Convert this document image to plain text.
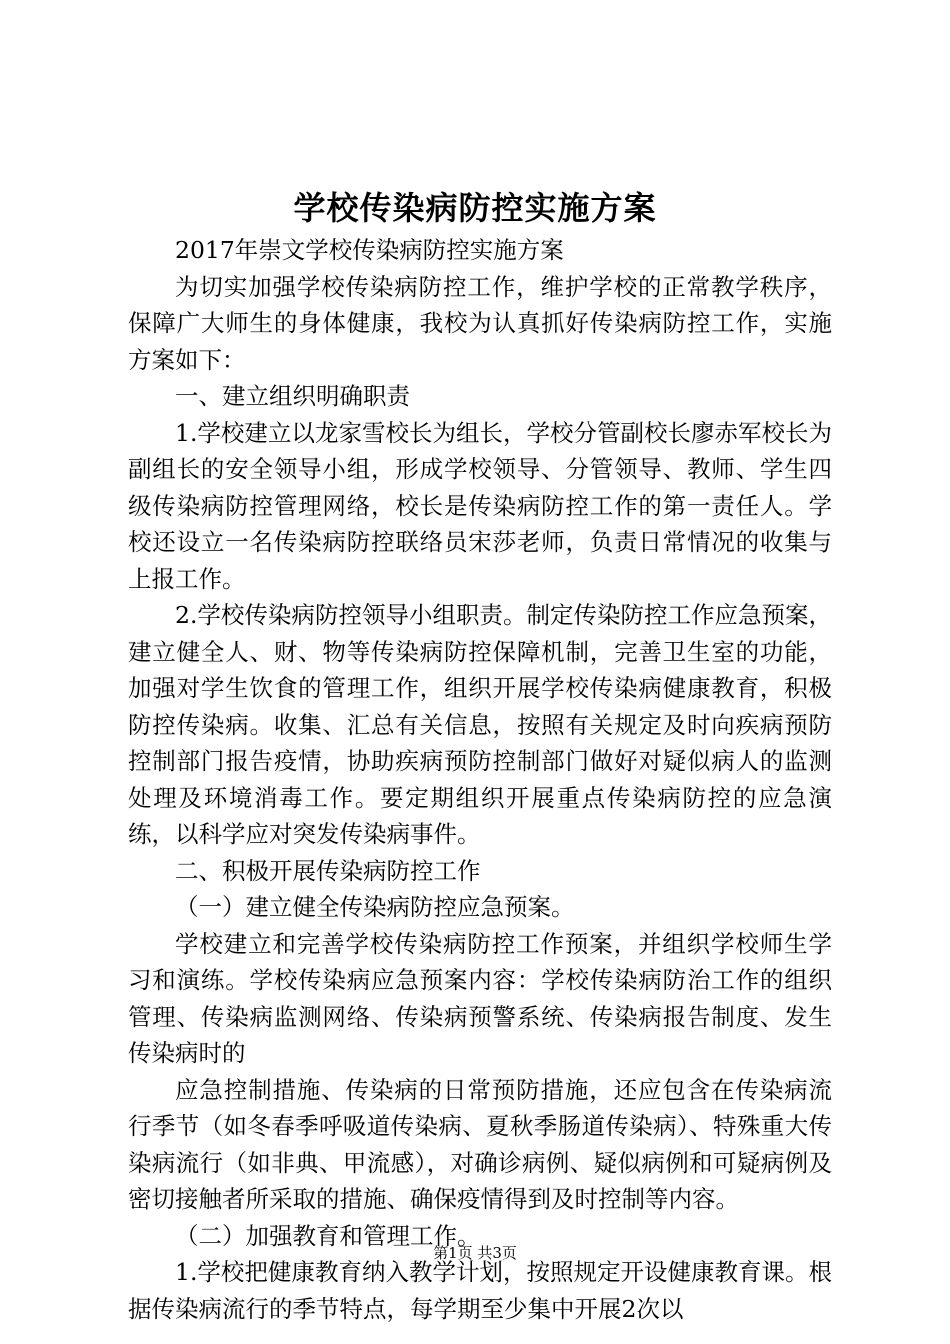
学校传染病防控实施方案

2017年崇文学校传染病防控实施方案

为切实加强学校传染病防控工作，维护学校的正常教学秩序，保障广大师生的身体健康，我校为认真抓好传染病防控工作，实施方案如下：

一、建立组织明确职责

1.学校建立以龙家雪校长为组长，学校分管副校长廖赤军校长为副组长的安全领导小组，形成学校领导、分管领导、教师、学生四级传染病防控管理网络，校长是传染病防控工作的第一责任人。学校还设立一名传染病防控联络员宋莎老师，负责日常情况的收集与上报工作。

2.学校传染病防控领导小组职责。制定传染防控工作应急预案，建立健全人、财、物等传染病防控保障机制，完善卫生室的功能，加强对学生饮食的管理工作，组织开展学校传染病健康教育，积极防控传染病。收集、汇总有关信息，按照有关规定及时向疾病预防控制部门报告疫情，协助疾病预防控制部门做好对疑似病人的监测处理及环境消毒工作。要定期组织开展重点传染病防控的应急演练，以科学应对突发传染病事件。

二、积极开展传染病防控工作

（一）建立健全传染病防控应急预案。

学校建立和完善学校传染病防控工作预案，并组织学校师生学习和演练。学校传染病应急预案内容：学校传染病防治工作的组织管理、传染病监测网络、传染病预警系统、传染病报告制度、发生传染病时的

应急控制措施、传染病的日常预防措施，还应包含在传染病流行季节（如冬春季呼吸道传染病、夏秋季肠道传染病）、特殊重大传染病流行（如非典、甲流感），对确诊病例、疑似病例和可疑病例及密切接触者所采取的措施、确保疫情得到及时控制等内容。

（二）加强教育和管理工作。

1.学校把健康教育纳入教学计划，按照规定开设健康教育课。根据传染病流行的季节特点，每学期至少集中开展2次以

第1页 共3页
